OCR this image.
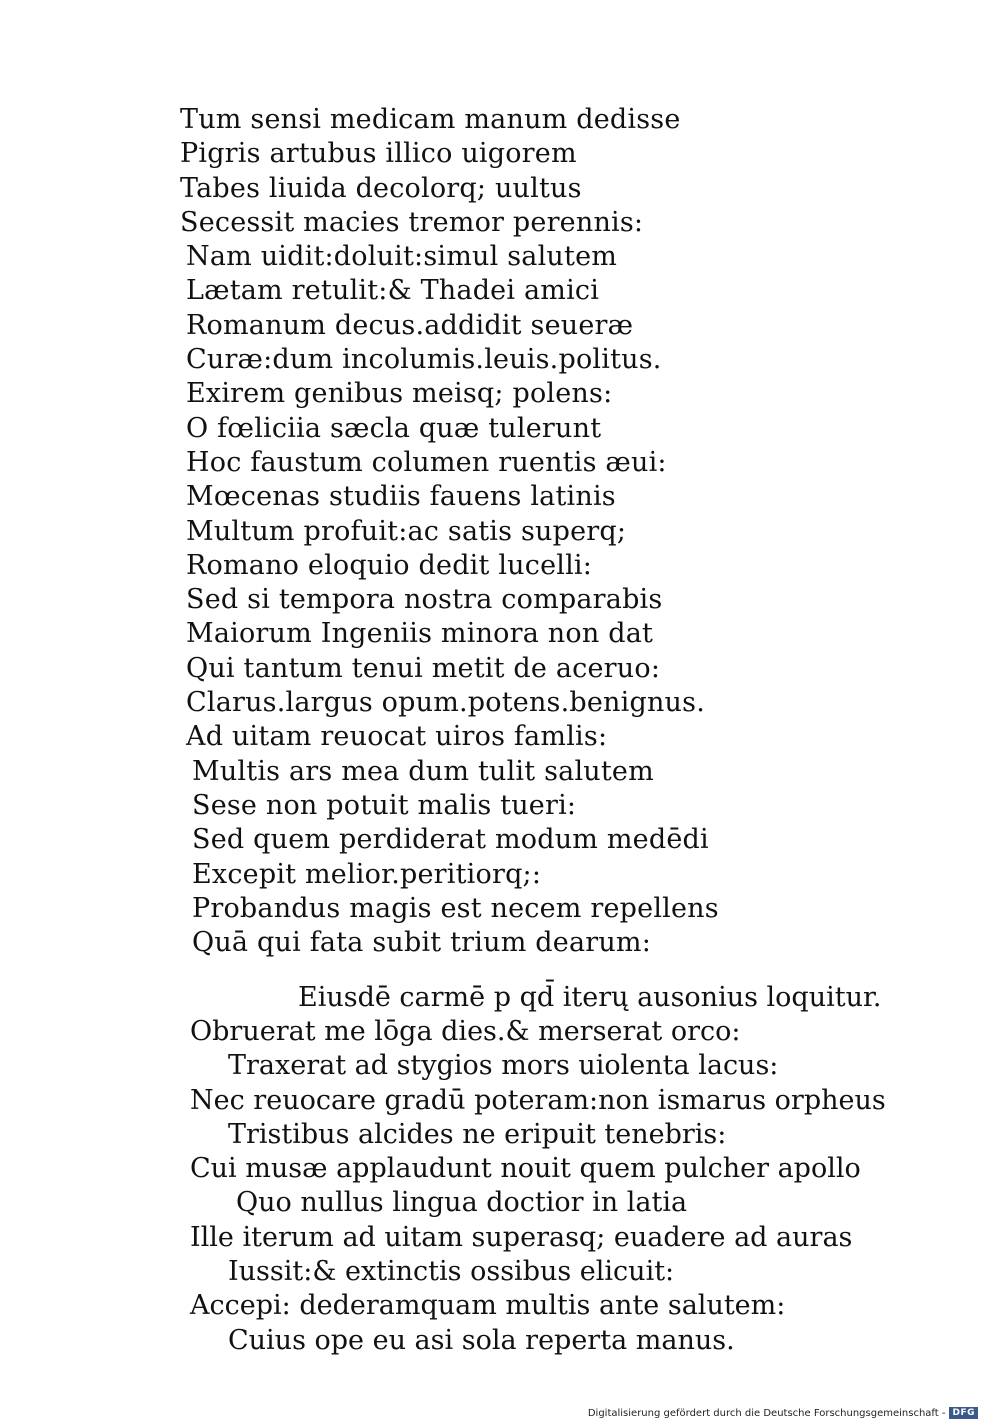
Tum sensi medicam manum dedisse
Pigris artubus illico uigorem
Tabes liuida decolorq; uultus
Secessit macies tremor perennis:
Nam uidit:doluit:simul salutem
Lætam retulit:& Thadei amici
Romanum decus.addidit seueræ
Curæ:dum incolumis.leuis.politus.
Exirem genibus meisq; polens:
O fœliciia sæcla quæ tulerunt
Hoc faustum columen ruentis æui:
Mœcenas studiis fauens latinis
Multum profuit:ac satis superq;
Romano eloquio dedit lucelli:
Sed si tempora nostra comparabis
Maiorum Ingeniis minora non dat
Qui tantum tenui metit de aceruo:
Clarus.largus opum.potens.benignus.
Ad uitam reuocat uiros famlis:
Multis ars mea dum tulit salutem
Sese non potuit malis tueri:
Sed quem perdiderat modum medēdi
Excepit melior.peritiorq;:
Probandus magis est necem repellens
Quā qui fata subit trium dearum:
Eiusdē carmē p qd̄ iterų ausonius loquitur.
Obruerat me lōga dies.& merserat orco:
Traxerat ad stygios mors uiolenta lacus:
Nec reuocare gradū poteram:non ismarus orpheus
Tristibus alcides ne eripuit tenebris:
Cui musæ applaudunt nouit quem pulcher apollo
Quo nullus lingua doctior in latia
Ille iterum ad uitam superasq; euadere ad auras
Iussit:& extinctis ossibus elicuit:
Accepi: dederamquam multis ante salutem:
Cuius ope eu asi sola reperta manus.
Digitalisierung gefördert durch die Deutsche Forschungsgemeinschaft - DFG
